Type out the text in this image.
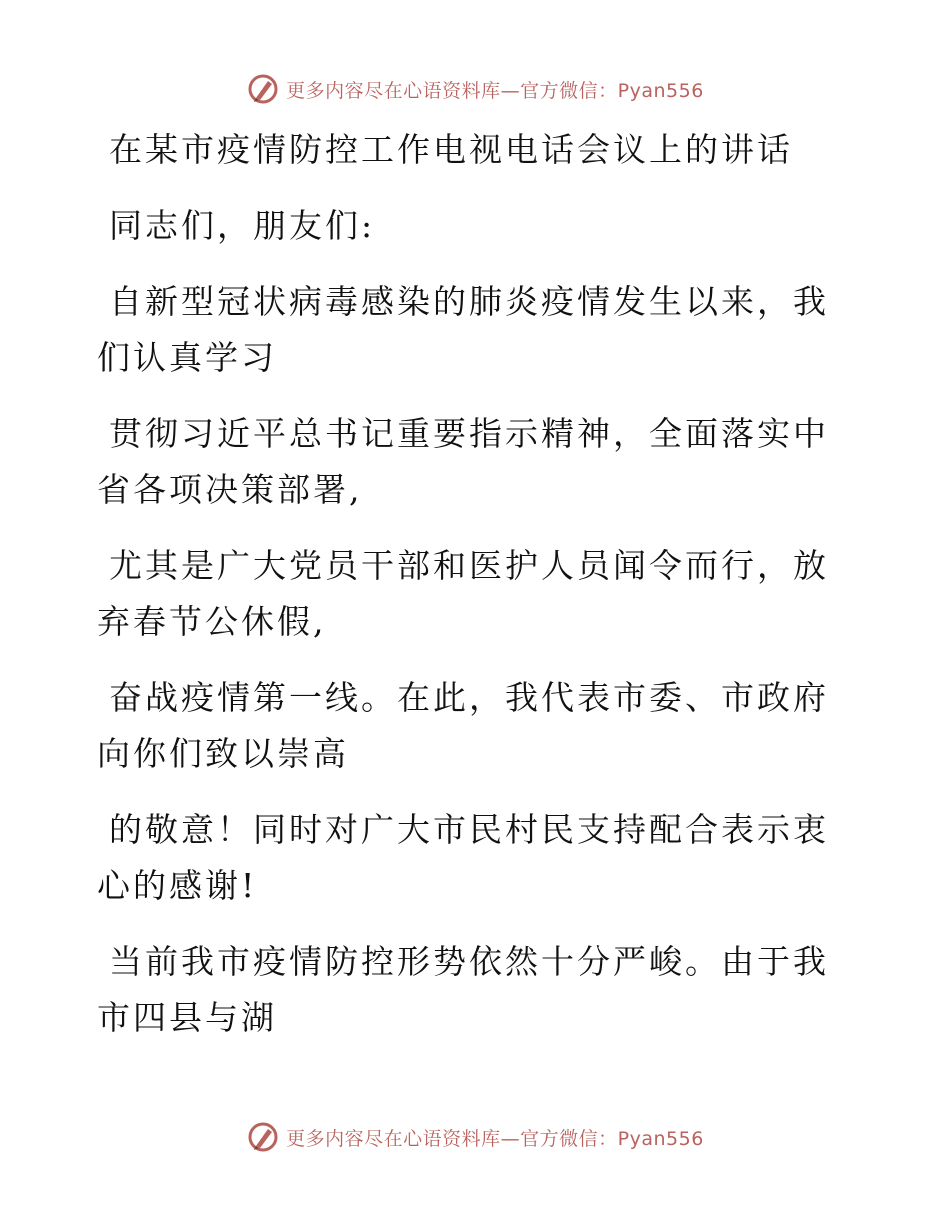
更多内容尽在心语资料库—官方微信：Pyan556
在某市疫情防控工作电视电话会议上的讲话
同志们，朋友们:
自新型冠状病毒感染的肺炎疫情发生以来，我们认真学习
贯彻习近平总书记重要指示精神，全面落实中省各项决策部署,
尤其是广大党员干部和医护人员闻令而行，放弃春节公休假,
奋战疫情第一线。在此，我代表市委、市政府向你们致以崇高
的敬意！同时对广大市民村民支持配合表示衷心的感谢!
当前我市疫情防控形势依然十分严峻。由于我市四县与湖
更多内容尽在心语资料库—官方微信：Pyan556
